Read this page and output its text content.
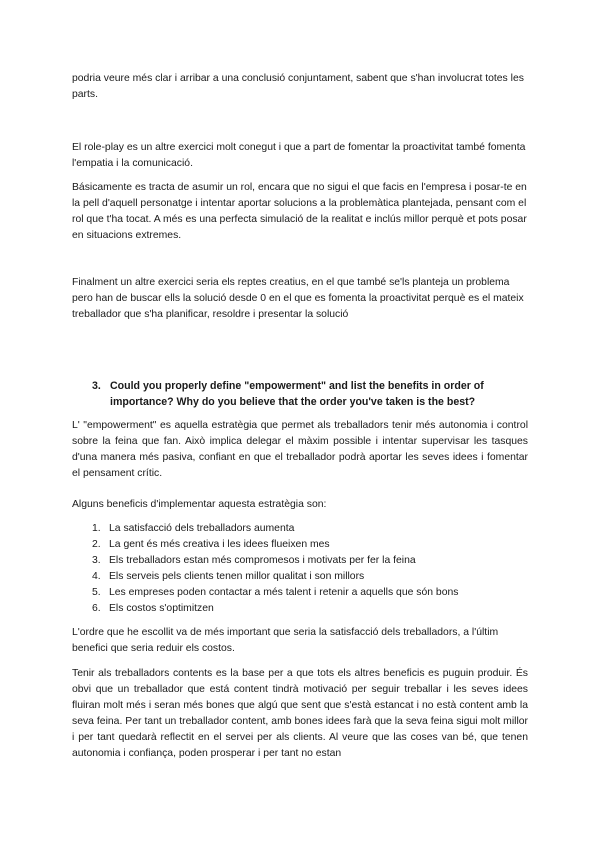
podria veure més clar i arribar a una conclusió conjuntament, sabent que s'han involucrat totes les parts.

El role-play es un altre exercici molt conegut i que a part de fomentar la proactivitat també fomenta l'empatia i la comunicació.

Básicamente es tracta de asumir un rol, encara que no sigui el que facis en l'empresa i posar-te en la pell d'aquell personatge i intentar aportar solucions a la problemàtica plantejada, pensant com el rol que t'ha tocat. A més es una perfecta simulació de la realitat e inclús millor perquè et pots posar en situacions extremes.

Finalment un altre exercici seria els reptes creatius, en el que també se'ls planteja un problema pero han de buscar ells la solució desde 0 en el que es fomenta la proactivitat perquè es el mateix treballador que s'ha planificar, resoldre i presentar la solució

3. Could you properly define "empowerment" and list the benefits in order of importance? Why do you believe that the order you've taken is the best?

L' "empowerment" es aquella estratègia que permet als treballadors tenir més autonomia i control sobre la feina que fan. Això implica delegar el màxim possible i intentar supervisar les tasques d'una manera més pasiva, confiant en que el treballador podrà aportar les seves idees i fomentar el pensament crític.

Alguns beneficis d'implementar aquesta estratègia son:

1. La satisfacció dels treballadors aumenta
2. La gent és més creativa i les idees flueixen mes
3. Els treballadors estan més compromesos i motivats per fer la feina
4. Els serveis pels clients tenen millor qualitat i son millors
5. Les empreses poden contactar a més talent i retenir a aquells que són bons
6. Els costos s'optimitzen

L'ordre que he escollit va de més important que seria la satisfacció dels treballadors, a l'últim benefici que seria reduir els costos.

Tenir als treballadors contents es la base per a que tots els altres beneficis es puguin produir. És obvi que un treballador que está content tindrà motivació per seguir treballar i les seves idees fluiran molt més i seran més bones que algú que sent que s'està estancat i no està content amb la seva feina. Per tant un treballador content, amb bones idees farà que la seva feina sigui molt millor i per tant quedarà reflectit en el servei per als clients. Al veure que las coses van bé, que tenen autonomia i confiança, poden prosperar i per tant no estan
